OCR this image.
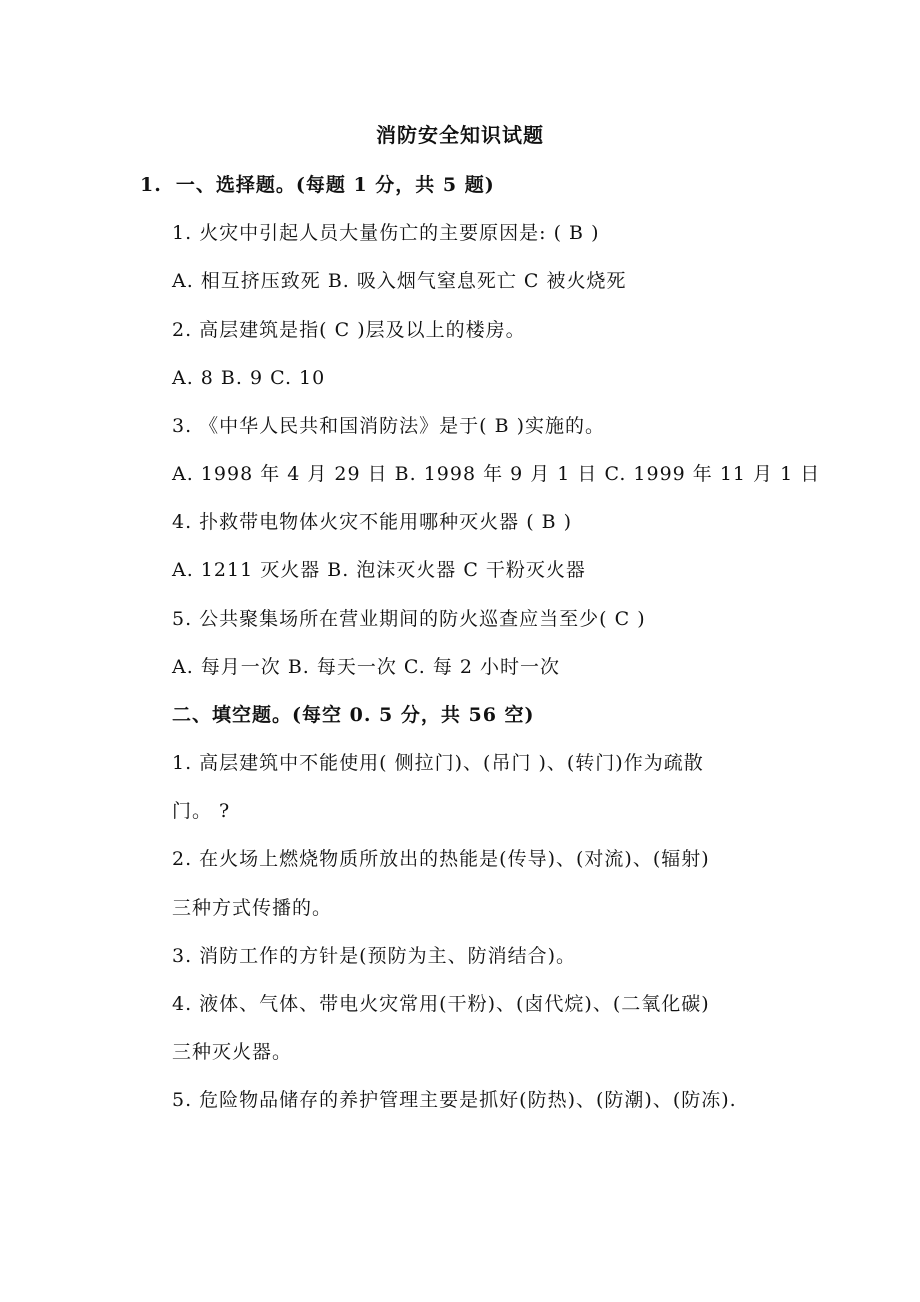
消防安全知识试题
1. 一、选择题。(每题 1 分，共 5 题)
1. 火灾中引起人员大量伤亡的主要原因是: ( B )
A. 相互挤压致死 B. 吸入烟气窒息死亡 C 被火烧死
2. 高层建筑是指( C )层及以上的楼房。
A. 8 B. 9 C. 10
3. 《中华人民共和国消防法》是于( B )实施的。
A. 1998 年 4 月 29 日 B. 1998 年 9 月 1 日 C. 1999 年 11 月 1 日
4. 扑救带电物体火灾不能用哪种灭火器 ( B )
A. 1211 灭火器 B. 泡沫灭火器 C 干粉灭火器
5. 公共聚集场所在营业期间的防火巡查应当至少( C )
A. 每月一次 B. 每天一次 C. 每 2 小时一次
二、填空题。(每空 0. 5 分，共 56 空)
1. 高层建筑中不能使用( 侧拉门)、(吊门 )、(转门)作为疏散
门。 ?
2. 在火场上燃烧物质所放出的热能是(传导)、(对流)、(辐射)
三种方式传播的。
3. 消防工作的方针是(预防为主、防消结合)。
4. 液体、气体、带电火灾常用(干粉)、(卤代烷)、(二氧化碳)
三种灭火器。
5. 危险物品储存的养护管理主要是抓好(防热)、(防潮)、(防冻).
